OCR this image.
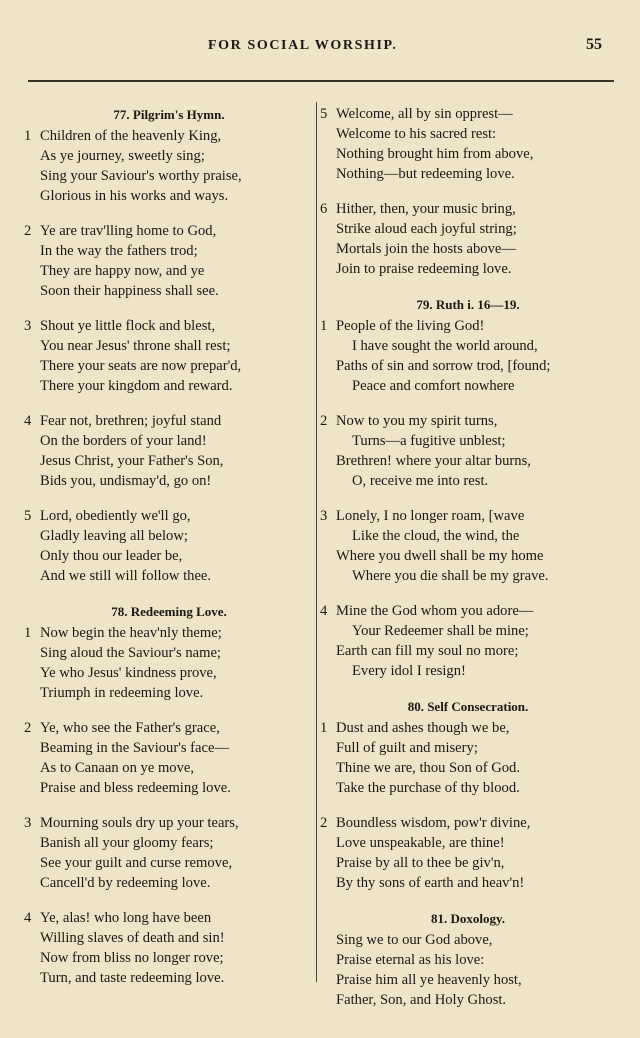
FOR SOCIAL WORSHIP.	55
77. Pilgrim's Hymn.
1 Children of the heavenly King,
As ye journey, sweetly sing;
Sing your Saviour's worthy praise,
Glorious in his works and ways.
2 Ye are trav'lling home to God,
In the way the fathers trod;
They are happy now, and ye
Soon their happiness shall see.
3 Shout ye little flock and blest,
You near Jesus' throne shall rest;
There your seats are now prepar'd,
There your kingdom and reward.
4 Fear not, brethren; joyful stand
On the borders of your land!
Jesus Christ, your Father's Son,
Bids you, undismay'd, go on!
5 Lord, obediently we'll go,
Gladly leaving all below;
Only thou our leader be,
And we still will follow thee.
78. Redeeming Love.
1 Now begin the heav'nly theme;
Sing aloud the Saviour's name;
Ye who Jesus' kindness prove,
Triumph in redeeming love.
2 Ye, who see the Father's grace,
Beaming in the Saviour's face—
As to Canaan on ye move,
Praise and bless redeeming love.
3 Mourning souls dry up your tears,
Banish all your gloomy fears;
See your guilt and curse remove,
Cancell'd by redeeming love.
4 Ye, alas! who long have been
Willing slaves of death and sin!
Now from bliss no longer rove;
Turn, and taste redeeming love.
5 Welcome, all by sin opprest—
Welcome to his sacred rest:
Nothing brought him from above,
Nothing—but redeeming love.
6 Hither, then, your music bring,
Strike aloud each joyful string;
Mortals join the hosts above—
Join to praise redeeming love.
79. Ruth i. 16—19.
1 People of the living God!
I have sought the world around,
Paths of sin and sorrow trod, [found;
Peace and comfort nowhere
2 Now to you my spirit turns,
Turns—a fugitive unblest;
Brethren! where your altar burns,
O, receive me into rest.
3 Lonely, I no longer roam, [wave
Like the cloud, the wind, the
Where you dwell shall be my home
Where you die shall be my grave.
4 Mine the God whom you adore—
Your Redeemer shall be mine;
Earth can fill my soul no more;
Every idol I resign!
80. Self Consecration.
1 Dust and ashes though we be,
Full of guilt and misery;
Thine we are, thou Son of God.
Take the purchase of thy blood.
2 Boundless wisdom, pow'r divine,
Love unspeakable, are thine!
Praise by all to thee be giv'n,
By thy sons of earth and heav'n!
81. Doxology.
Sing we to our God above,
Praise eternal as his love:
Praise him all ye heavenly host,
Father, Son, and Holy Ghost.
